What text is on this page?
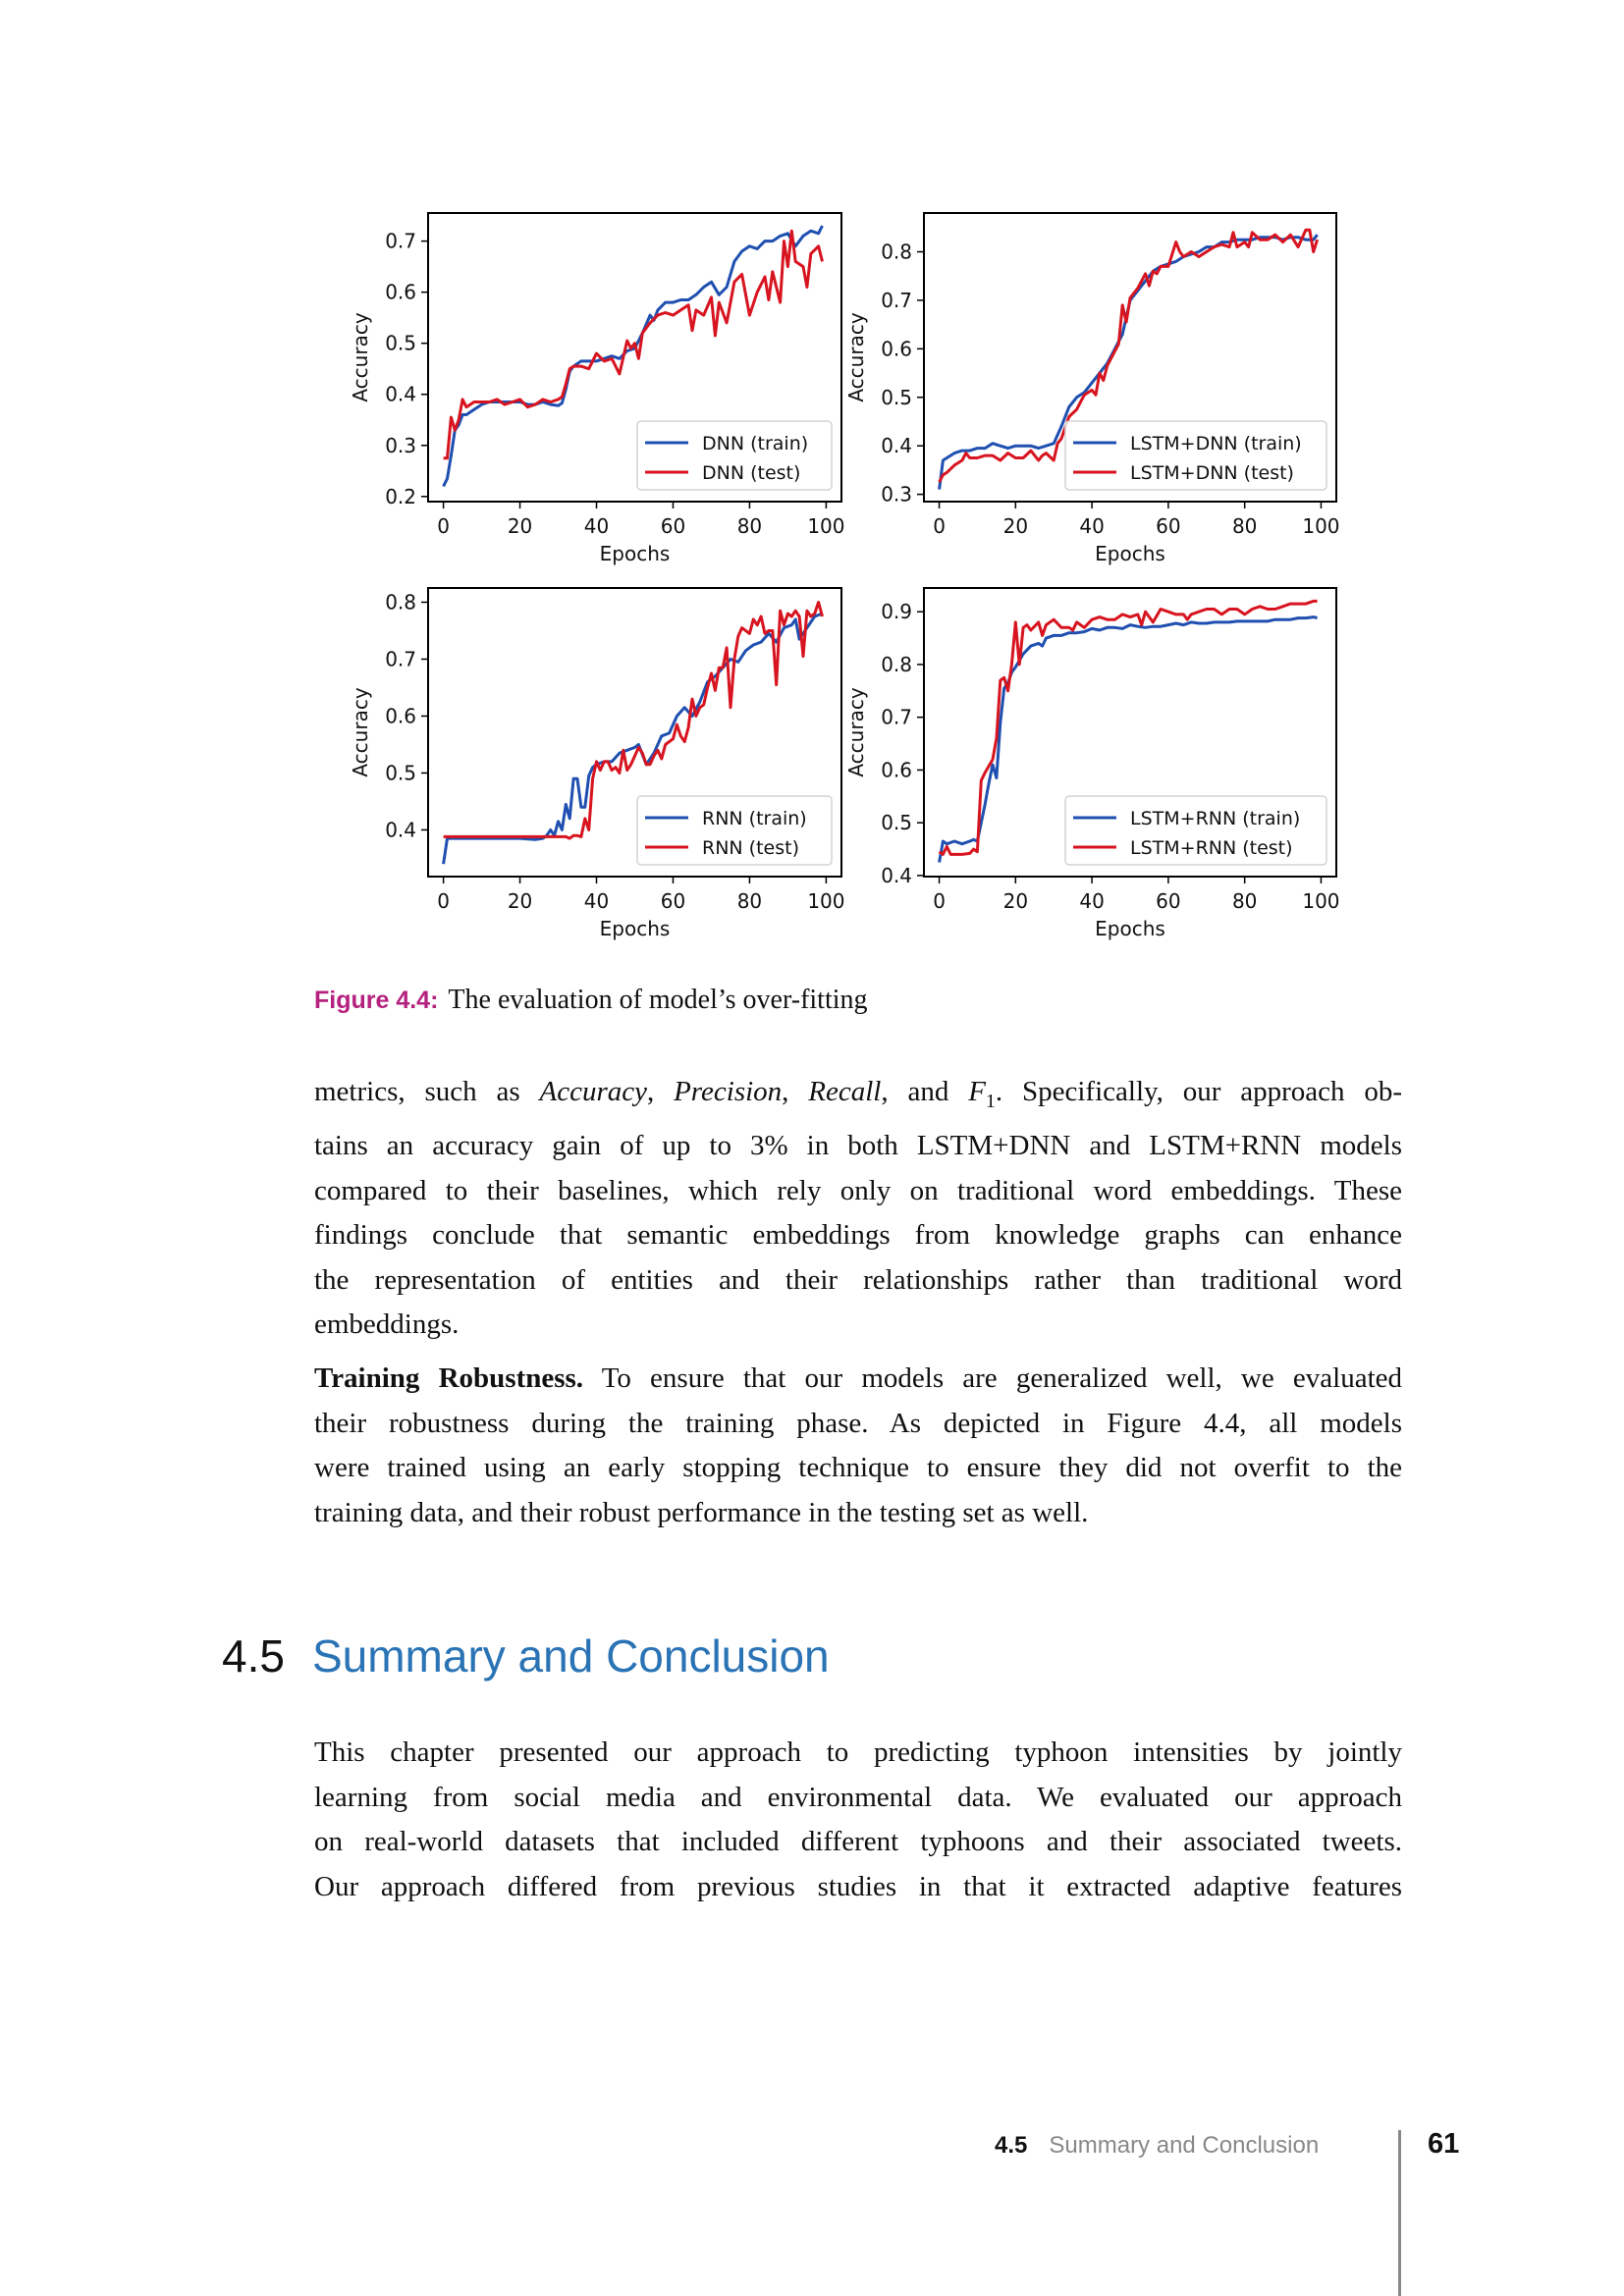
0	20	40	60	80 100
0.2
0.3
0.4
0.5
0.6
0.7
Epochs
Accuracy
DNN (train)
DNN (test)
0	20	40	60	80 100
0.3
0.4
0.5
0.6
0.7
0.8
Epochs
Accuracy
LSTM+DNN (train)
LSTM+DNN (test)
0	20	40	60	80 100
0.4
0.5
0.6
0.7
0.8
Epochs
Accuracy
RNN (train)
RNN (test)
0	20	40	60	80 100
0.4
0.5
0.6
0.7
0.8
0.9
Epochs
Accuracy
LSTM+RNN (train)
LSTM+RNN (test)
Figure 4.4: The evaluation of model’s over-fitting
metrics, such as Accuracy, Precision, Recall, and $F_1$. Specifically, our approach ob-
tains an accuracy gain of up to 3% in both LSTM+DNN and LSTM+RNN models
compared to their baselines, which rely only on traditional word embeddings. These
findings conclude that semantic embeddings from knowledge graphs can enhance
the representation of entities and their relationships rather than traditional word
embeddings.
Training Robustness. To ensure that our models are generalized well, we evaluated
their robustness during the training phase. As depicted in Figure 4.4, all models
were trained using an early stopping technique to ensure they did not overfit to the
training data, and their robust performance in the testing set as well.
4.5 Summary and Conclusion
This chapter presented our approach to predicting typhoon intensities by jointly
learning from social media and environmental data. We evaluated our approach
on real-world datasets that included different typhoons and their associated tweets.
Our approach differed from previous studies in that it extracted adaptive features
4.5 Summary and Conclusion	61
